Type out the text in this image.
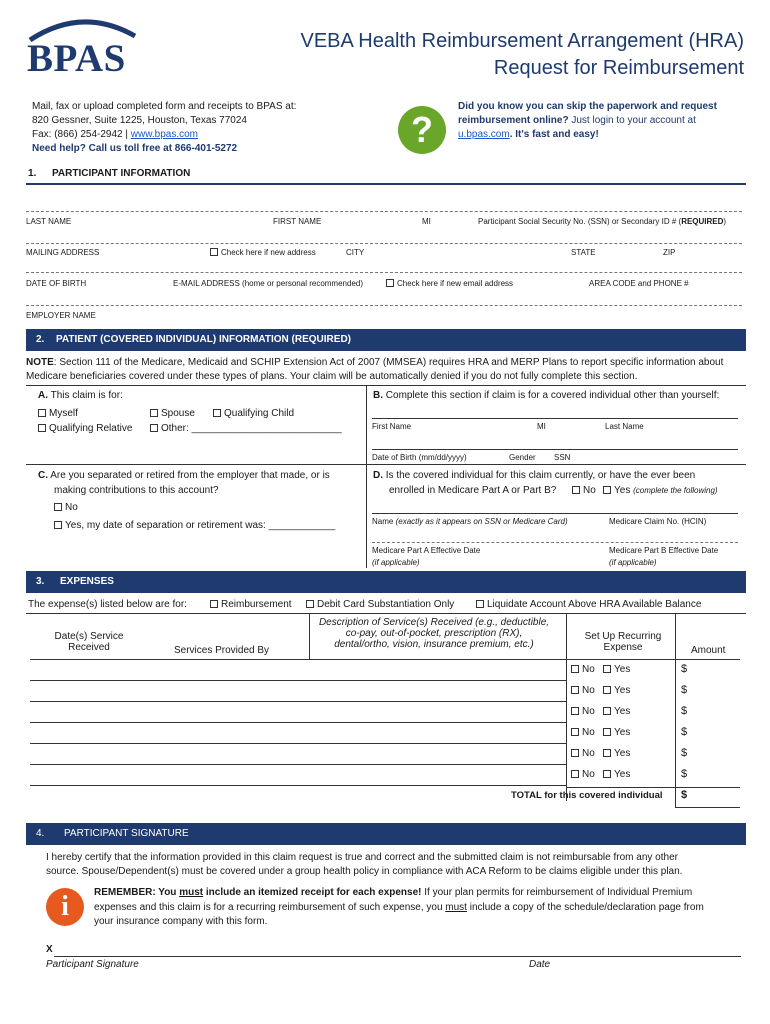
BPAS	VEBA Health Reimbursement Arrangement (HRA)
Request for Reimbursement
Mail, fax or upload completed form and receipts to BPAS at:
820 Gessner, Suite 1225, Houston, Texas 77024
Fax: (866) 254-2942 | www.bpas.com
Need help? Call us toll free at 866-401-5272	?
Did you know you can skip the paperwork and request reimbursement online? Just login to your account at u.bpas.com. It's fast and easy!
1. PARTICIPANT INFORMATION
LAST NAME	FIRST NAME	MI	Participant Social Security No. (SSN) or Secondary ID # (REQUIRED)
MAILING ADDRESS	Check here if new address	CITY	STATE	ZIP
DATE OF BIRTH	E-MAIL ADDRESS (home or personal recommended)	Check here if new email address	AREA CODE and PHONE #
EMPLOYER NAME
2. PATIENT (COVERED INDIVIDUAL) INFORMATION (REQUIRED)
NOTE: Section 111 of the Medicare, Medicaid and SCHIP Extension Act of 2007 (MMSEA) requires HRA and MERP Plans to report specific information about
Medicare beneficiaries covered under these types of plans. Your claim will be automatically denied if you do not fully complete this section.
A. This claim is for:
Myself	Spouse	Qualifying Child
Qualifying Relative	Other: ___________________________
B. Complete this section if claim is for a covered individual other than yourself:
First Name	MI	Last Name
Date of Birth (mm/dd/yyyy)	Gender SSN
C. Are you separated or retired from the employer that made, or is
making contributions to this account?
No
Yes, my date of separation or retirement was: ____________
D. Is the covered individual for this claim currently, or have the ever been
enrolled in Medicare Part A or Part B?	No	Yes (complete the following)
Name (exactly as it appears on SSN or Medicare Card)	Medicare Claim No. (HCIN)
Medicare Part A Effective Date
(if applicable)
Medicare Part B Effective Date
(if applicable)
3. EXPENSES
The expense(s) listed below are for:	Reimbursement	Debit Card Substantiation Only	Liquidate Account Above HRA Available Balance
Date(s) Service
Received	Services Provided By
Description of Service(s) Received (e.g., deductible,
co-pay, out-of-pocket, prescription (RX),
dental/ortho, vision, insurance premium, etc.)
Set Up Recurring
Expense	Amount
No	Yes	$
No	Yes	$
No	Yes	$
No	Yes	$
No	Yes	$
No	Yes	$
TOTAL for this covered individual $
4. PARTICIPANT SIGNATURE
I hereby certify that the information provided in this claim request is true and correct and the submitted claim is not reimbursable from any other
source. Spouse/Dependent(s) must be covered under a group health policy in compliance with ACA Reform to be claims eligible under this plan.
i	REMEMBER: You must include an itemized receipt for each expense! If your plan permits for reimbursement of Individual Premium
expenses and this claim is for a recurring reimbursement of such expense, you must include a copy of the schedule/declaration page from
your insurance company with this form.
X
Participant Signature	Date
